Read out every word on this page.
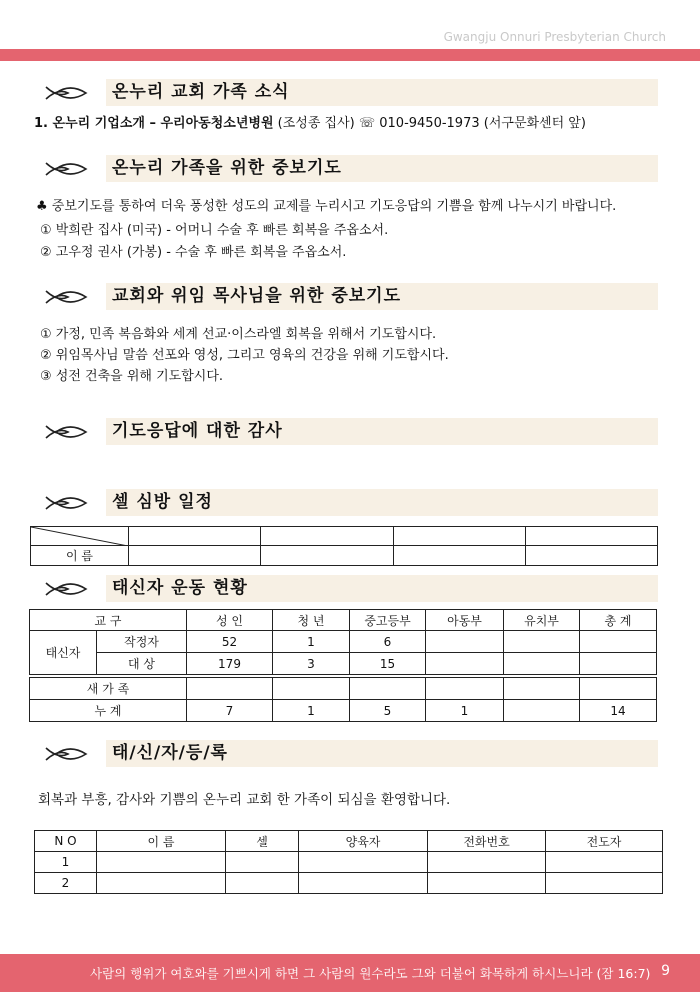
Gwangju Onnuri Presbyterian Church
온누리 교회 가족 소식
1. 온누리 기업소개 – 우리아동청소년병원 (조성종 집사) ☏ 010-9450-1973 (서구문화센터 앞)
온누리 가족을 위한 중보기도
♣ 중보기도를 통하여 더욱 풍성한 성도의 교제를 누리시고 기도응답의 기쁨을 함께 나누시기 바랍니다.
① 박희란 집사 (미국) - 어머니 수술 후 빠른 회복을 주옵소서.
② 고우정 권사 (가봉) - 수술 후 빠른 회복을 주옵소서.
교회와 위임 목사님을 위한 중보기도
① 가정, 민족 복음화와 세계 선교·이스라엘 회복을 위해서 기도합시다.
② 위임목사님 말씀 선포와 영성, 그리고 영육의 건강을 위해 기도합시다.
③ 성전 건축을 위해 기도합시다.
기도응답에 대한 감사
셀 심방 일정

이 름				
태신자 운동 현황
교 구		성 인	청 년	중고등부	아동부	유치부	총 계
태신자	작정자	52	1	6			
	대 상	179	3	15			

새 가 족							
누 계		7	1	5	1		14
태/신/자/등/록
회복과 부흥, 감사와 기쁨의 온누리 교회 한 가족이 되심을 환영합니다.
N O	이 름	셀	양육자	전화번호	전도자
1					
2					
사람의 행위가 여호와를 기쁘시게 하면 그 사람의 원수라도 그와 더불어 화목하게 하시느니라 (잠 16:7) 9
